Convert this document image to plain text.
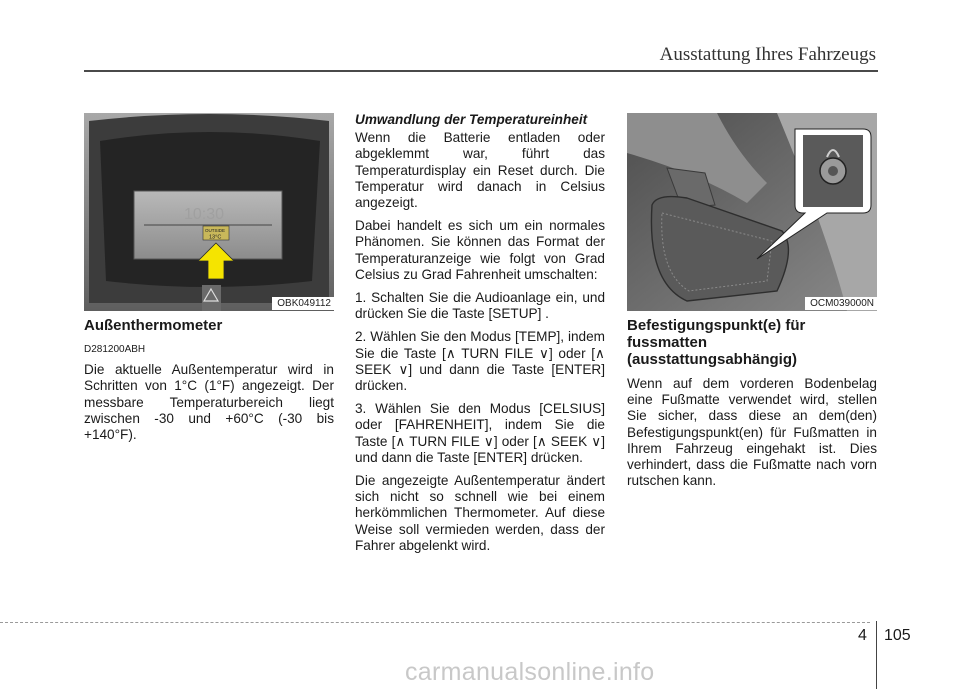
Ausstattung Ihres Fahrzeugs
10:30
OUTSIDE
13°C
OBK049112
Außenthermometer
D281200ABH

Die aktuelle Außentemperatur wird in Schritten von 1°C (1°F) angezeigt. Der messbare Temperaturbereich liegt zwischen -30 und +60°C (-30 bis +140°F).

Umwandlung der Temperatureinheit

Wenn die Batterie entladen oder abgeklemmt war, führt das Temperaturdisplay ein Reset durch. Die Temperatur wird danach in Celsius angezeigt.

Dabei handelt es sich um ein normales Phänomen. Sie können das Format der Temperaturanzeige wie folgt von Grad Celsius zu Grad Fahrenheit umschalten:

1. Schalten Sie die Audioanlage ein, und drücken Sie die Taste [SETUP] .

2. Wählen Sie den Modus [TEMP], indem Sie die Taste [∧ TURN FILE ∨] oder [∧ SEEK ∨] und dann die Taste [ENTER] drücken.

3. Wählen Sie den Modus [CELSIUS] oder [FAHRENHEIT], indem Sie die Taste [∧ TURN FILE ∨] oder [∧ SEEK ∨] und dann die Taste [ENTER] drücken.

Die angezeigte Außentemperatur ändert sich nicht so schnell wie bei einem herkömmlichen Thermometer. Auf diese Weise soll vermieden werden, dass der Fahrer abgelenkt wird.

OCM039000N
Befestigungspunkt(e) für fussmatten (ausstattungsabhängig)

Wenn auf dem vorderen Bodenbelag eine Fußmatte verwendet wird, stellen Sie sicher, dass diese an dem(den) Befestigungspunkt(en) für Fußmatten in Ihrem Fahrzeug eingehakt ist. Dies verhindert, dass die Fußmatte nach vorn rutschen kann.

4 105
carmanualsonline.info
